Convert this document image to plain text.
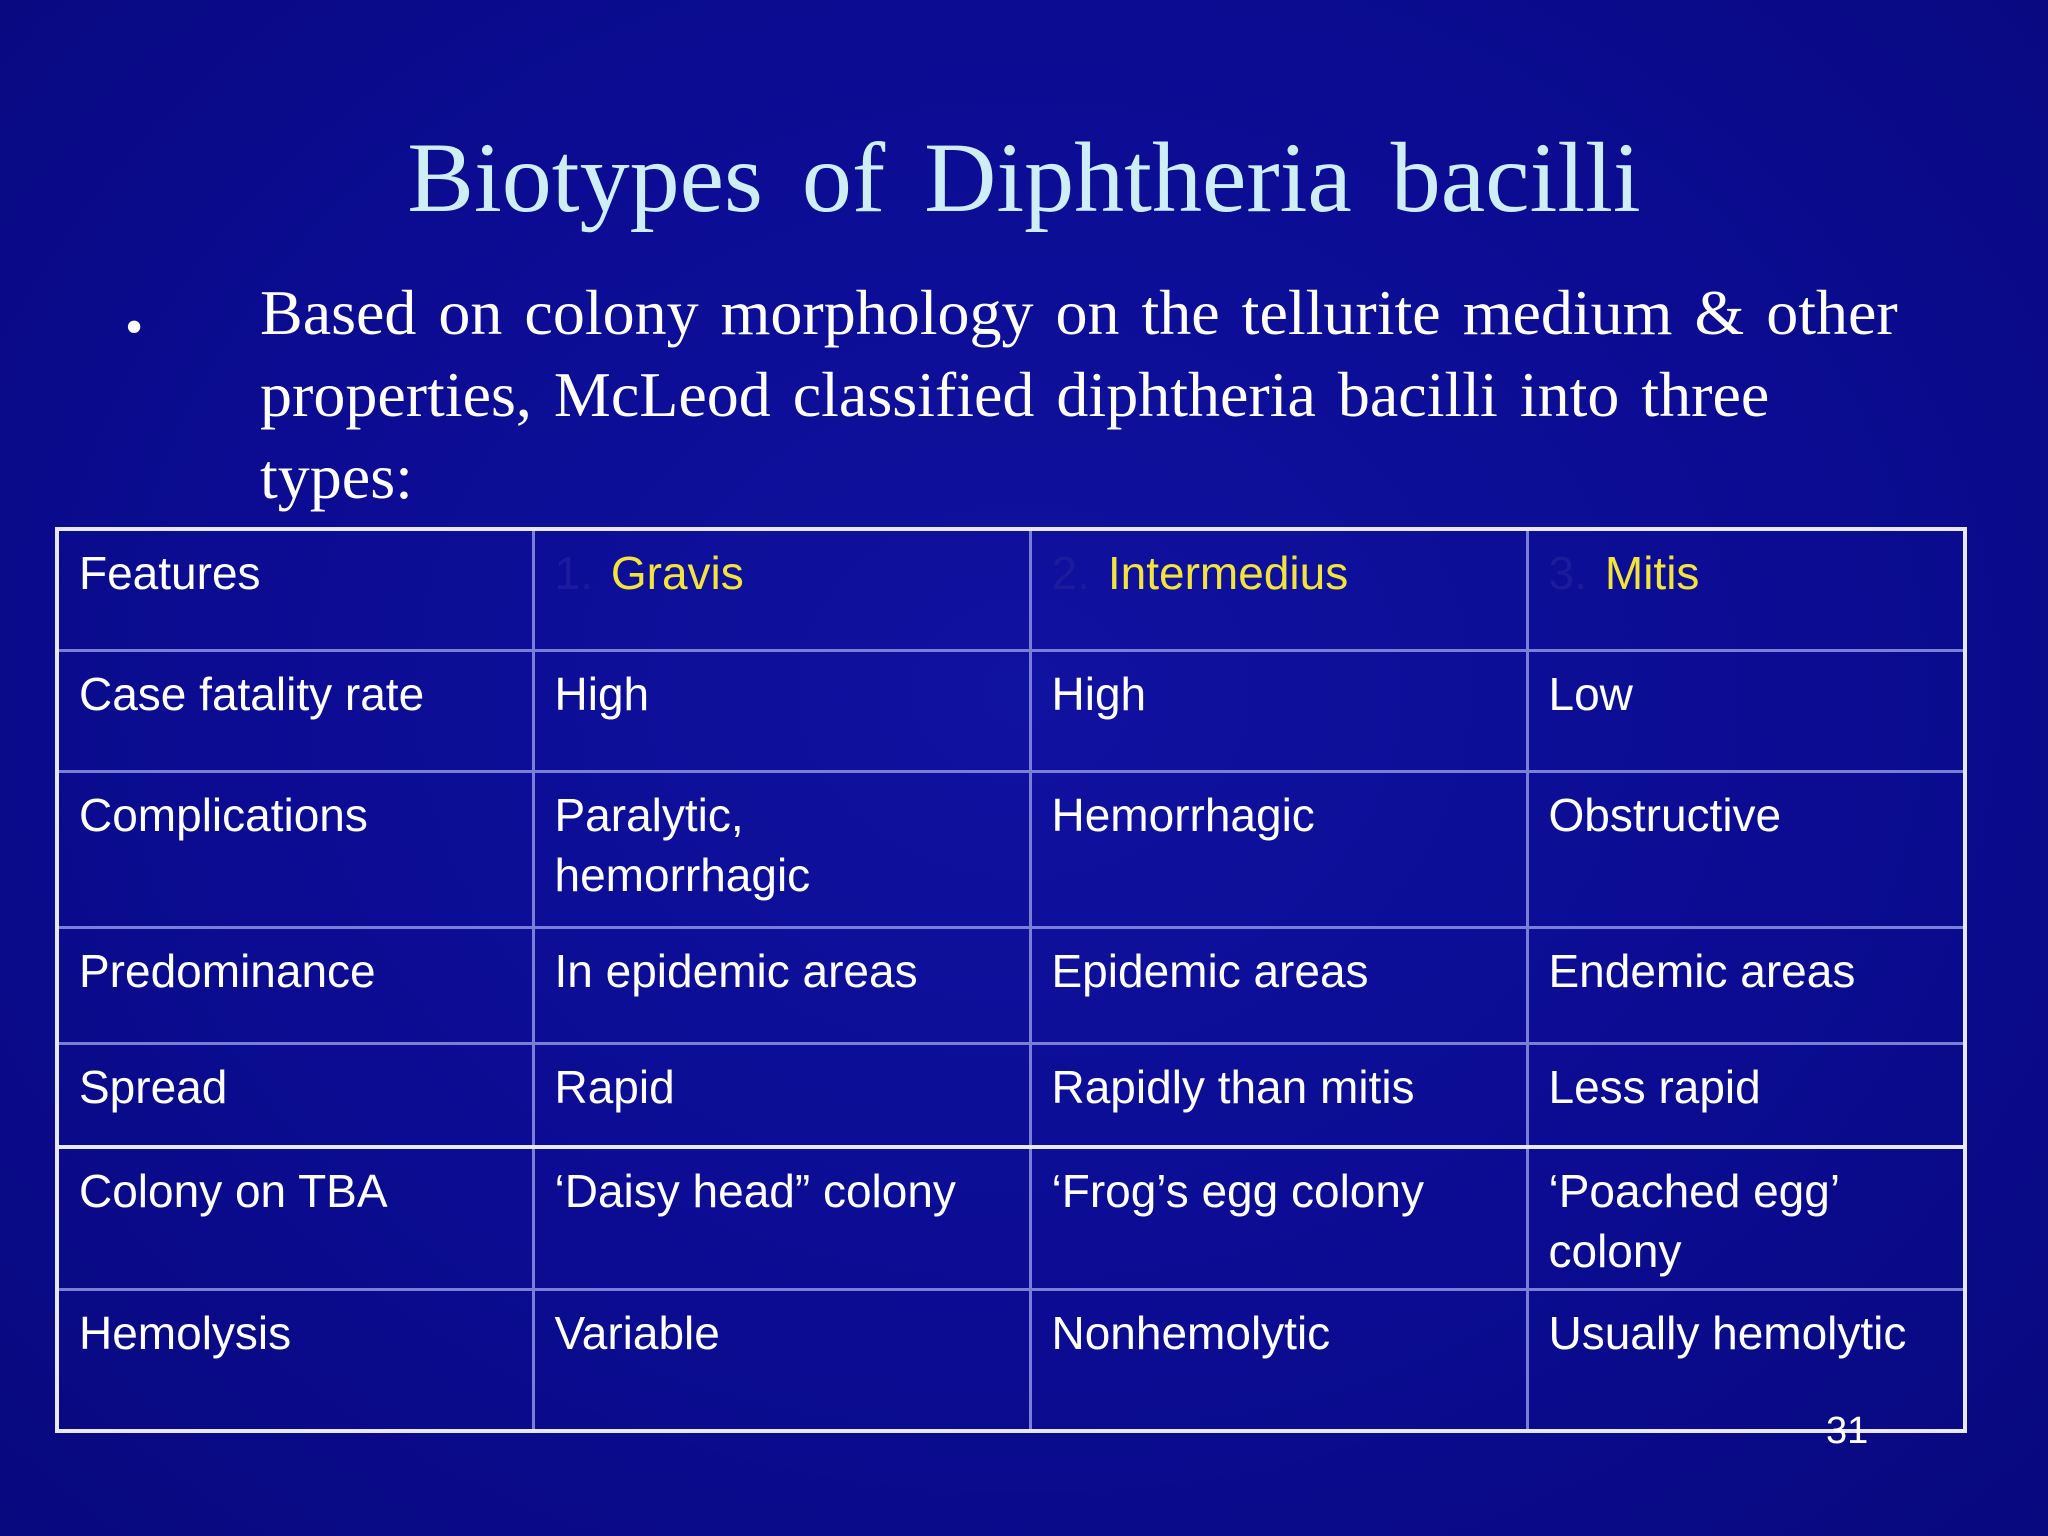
Biotypes of Diphtheria bacilli
• Based on colony morphology on the tellurite medium & other properties, McLeod classified diphtheria bacilli into three types:
Features	1. Gravis	2. Intermedius	3. Mitis
Case fatality rate	High	High	Low
Complications	Paralytic, hemorrhagic	Hemorrhagic	Obstructive
Predominance	In epidemic areas	Epidemic areas	Endemic areas
Spread	Rapid	Rapidly than mitis	Less rapid
Colony on TBA	‘Daisy head” colony	‘Frog’s egg colony	‘Poached egg’ colony
Hemolysis	Variable	Nonhemolytic	Usually hemolytic
31
